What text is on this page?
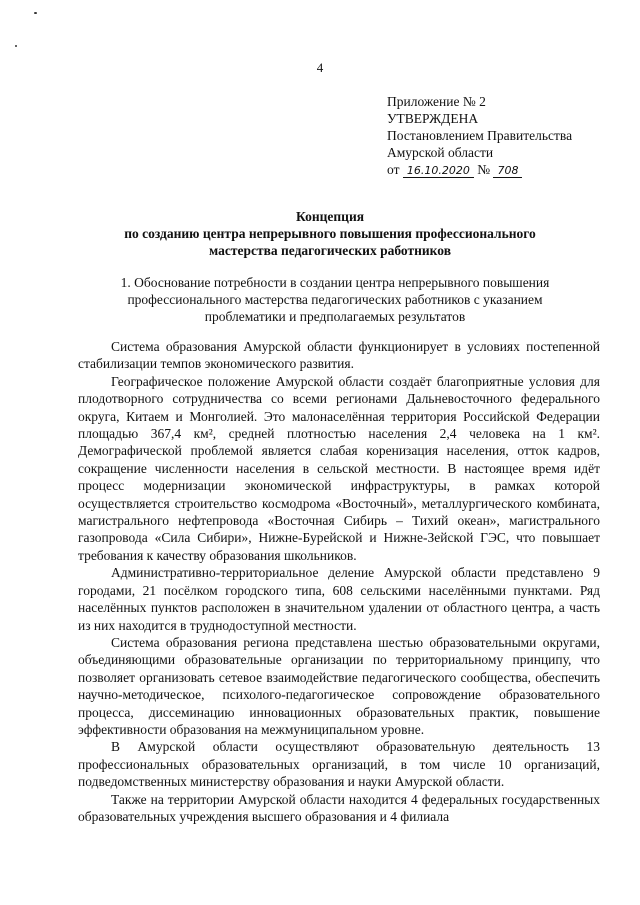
4
Приложение № 2
УТВЕРЖДЕНА
Постановлением Правительства
Амурской области
от 16.10.2020 № 708
Концепция
по созданию центра непрерывного повышения профессионального
мастерства педагогических работников
1. Обоснование потребности в создании центра непрерывного повышения
профессионального мастерства педагогических работников с указанием
проблематики и предполагаемых результатов

Система образования Амурской области функционирует в условиях постепенной стабилизации темпов экономического развития.

Географическое положение Амурской области создаёт благоприятные условия для плодотворного сотрудничества со всеми регионами Дальневосточного федерального округа, Китаем и Монголией. Это малонаселённая территория Российской Федерации площадью 367,4 км², средней плотностью населения 2,4 человека на 1 км². Демографической проблемой является слабая коренизация населения, отток кадров, сокращение численности населения в сельской местности. В настоящее время идёт процесс модернизации экономической инфраструктуры, в рамках которой осуществляется строительство космодрома «Восточный», металлургического комбината, магистрального нефтепровода «Восточная Сибирь – Тихий океан», магистрального газопровода «Сила Сибири», Нижне-Бурейской и Нижне-Зейской ГЭС, что повышает требования к качеству образования школьников.

Административно-территориальное деление Амурской области представлено 9 городами, 21 посёлком городского типа, 608 сельскими населёнными пунктами. Ряд населённых пунктов расположен в значительном удалении от областного центра, а часть из них находится в труднодоступной местности.

Система образования региона представлена шестью образовательными округами, объединяющими образовательные организации по территориальному принципу, что позволяет организовать сетевое взаимодействие педагогического сообщества, обеспечить научно-методическое, психолого-педагогическое сопровождение образовательного процесса, диссеминацию инновационных образовательных практик, повышение эффективности образования на межмуниципальном уровне.

В Амурской области осуществляют образовательную деятельность 13 профессиональных образовательных организаций, в том числе 10 организаций, подведомственных министерству образования и науки Амурской области.

Также на территории Амурской области находится 4 федеральных государственных образовательных учреждения высшего образования и 4 филиала
